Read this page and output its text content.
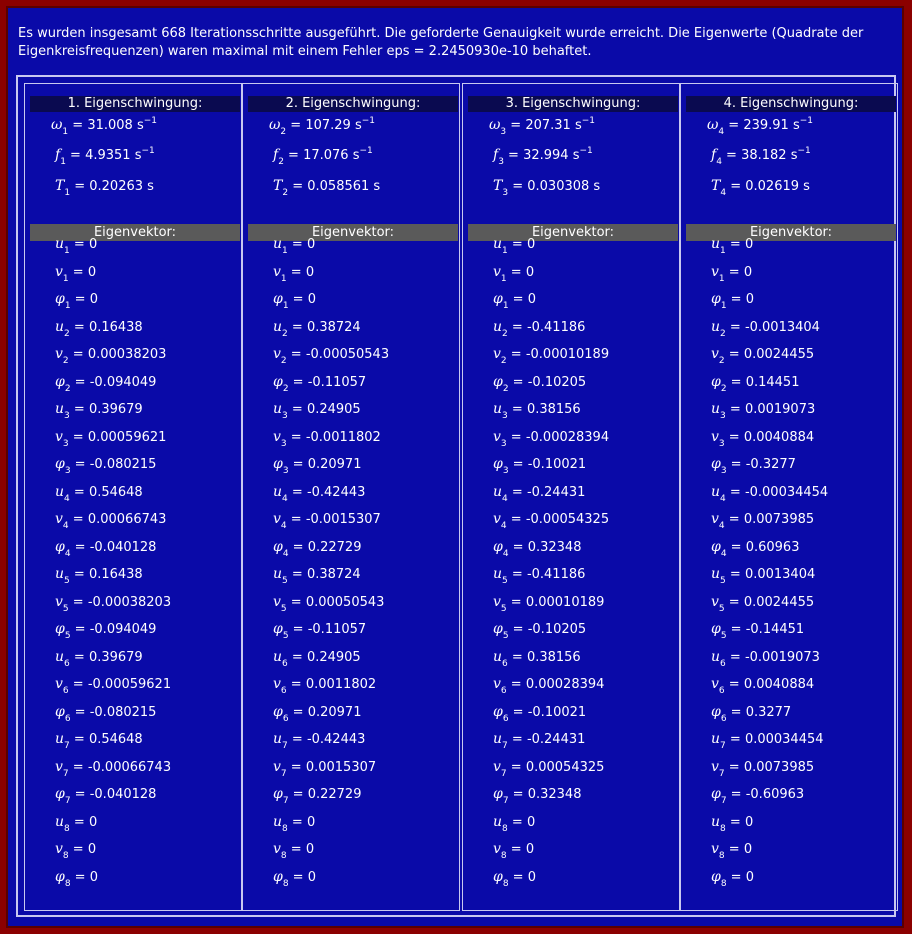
Es wurden insgesamt 668 Iterationsschritte ausgeführt. Die geforderte Genauigkeit wurde erreicht. Die Eigenwerte (Quadrate der Eigenkreisfrequenzen) waren maximal mit einem Fehler eps = 2.2450930e-10 behaftet.
1. Eigenschwingung:
$\omega_1 = 31.008$ $s^{-1}$
$f_1 = 4.9351$ $s^{-1}$
$T_1 = 0.20263$ s
Eigenvektor:
$u_1 = 0$
$v_1 = 0$
$\varphi_1 = 0$
$u_2 = 0.16438$
$v_2 = 0.00038203$
$\varphi_2 = -0.094049$
$u_3 = 0.39679$
$v_3 = 0.00059621$
$\varphi_3 = -0.080215$
$u_4 = 0.54648$
$v_4 = 0.00066743$
$\varphi_4 = -0.040128$
$u_5 = 0.16438$
$v_5 = -0.00038203$
$\varphi_5 = -0.094049$
$u_6 = 0.39679$
$v_6 = -0.00059621$
$\varphi_6 = -0.080215$
$u_7 = 0.54648$
$v_7 = -0.00066743$
$\varphi_7 = -0.040128$
$u_8 = 0$
$v_8 = 0$
$\varphi_8 = 0$
2. Eigenschwingung:
$\omega_2 = 107.29$ $s^{-1}$
$f_2 = 17.076$ $s^{-1}$
$T_2 = 0.058561$ s
Eigenvektor:
$u_1 = 0$
$v_1 = 0$
$\varphi_1 = 0$
$u_2 = 0.38724$
$v_2 = -0.00050543$
$\varphi_2 = -0.11057$
$u_3 = 0.24905$
$v_3 = -0.0011802$
$\varphi_3 = 0.20971$
$u_4 = -0.42443$
$v_4 = -0.0015307$
$\varphi_4 = 0.22729$
$u_5 = 0.38724$
$v_5 = 0.00050543$
$\varphi_5 = -0.11057$
$u_6 = 0.24905$
$v_6 = 0.0011802$
$\varphi_6 = 0.20971$
$u_7 = -0.42443$
$v_7 = 0.0015307$
$\varphi_7 = 0.22729$
$u_8 = 0$
$v_8 = 0$
$\varphi_8 = 0$
3. Eigenschwingung:
$\omega_3 = 207.31$ $s^{-1}$
$f_3 = 32.994$ $s^{-1}$
$T_3 = 0.030308$ s
Eigenvektor:
$u_1 = 0$
$v_1 = 0$
$\varphi_1 = 0$
$u_2 = -0.41186$
$v_2 = -0.00010189$
$\varphi_2 = -0.10205$
$u_3 = 0.38156$
$v_3 = -0.00028394$
$\varphi_3 = -0.10021$
$u_4 = -0.24431$
$v_4 = -0.00054325$
$\varphi_4 = 0.32348$
$u_5 = -0.41186$
$v_5 = 0.00010189$
$\varphi_5 = -0.10205$
$u_6 = 0.38156$
$v_6 = 0.00028394$
$\varphi_6 = -0.10021$
$u_7 = -0.24431$
$v_7 = 0.00054325$
$\varphi_7 = 0.32348$
$u_8 = 0$
$v_8 = 0$
$\varphi_8 = 0$
4. Eigenschwingung:
$\omega_4 = 239.91$ $s^{-1}$
$f_4 = 38.182$ $s^{-1}$
$T_4 = 0.02619$ s
Eigenvektor:
$u_1 = 0$
$v_1 = 0$
$\varphi_1 = 0$
$u_2 = -0.0013404$
$v_2 = 0.0024455$
$\varphi_2 = 0.14451$
$u_3 = 0.0019073$
$v_3 = 0.0040884$
$\varphi_3 = -0.3277$
$u_4 = -0.00034454$
$v_4 = 0.0073985$
$\varphi_4 = 0.60963$
$u_5 = 0.0013404$
$v_5 = 0.0024455$
$\varphi_5 = -0.14451$
$u_6 = -0.0019073$
$v_6 = 0.0040884$
$\varphi_6 = 0.3277$
$u_7 = 0.00034454$
$v_7 = 0.0073985$
$\varphi_7 = -0.60963$
$u_8 = 0$
$v_8 = 0$
$\varphi_8 = 0$
